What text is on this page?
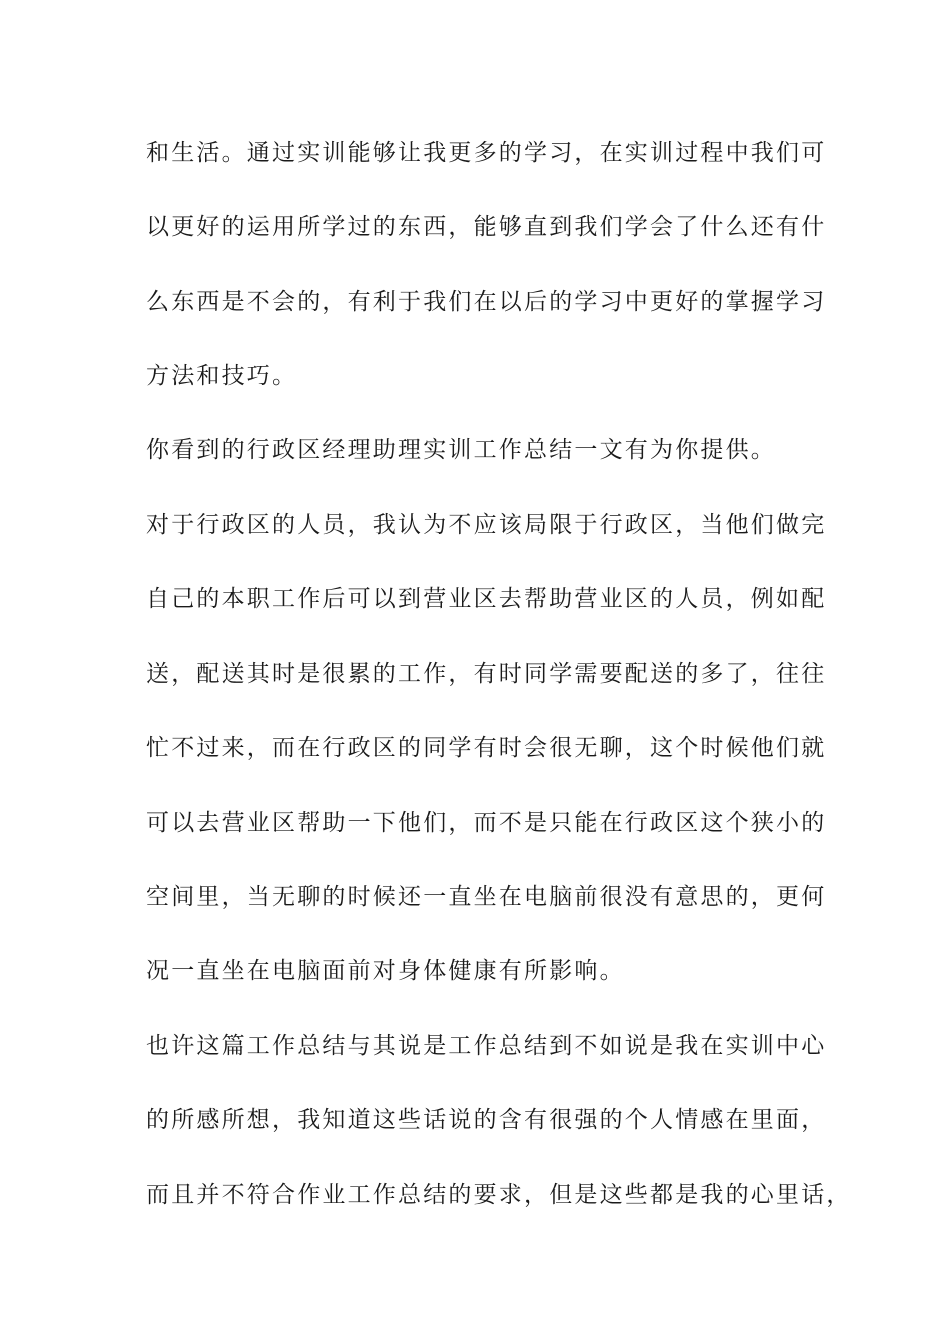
和生活。通过实训能够让我更多的学习，在实训过程中我们可
以更好的运用所学过的东西，能够直到我们学会了什么还有什
么东西是不会的，有利于我们在以后的学习中更好的掌握学习
方法和技巧。
你看到的行政区经理助理实训工作总结一文有为你提供。
对于行政区的人员，我认为不应该局限于行政区，当他们做完
自己的本职工作后可以到营业区去帮助营业区的人员，例如配
送，配送其时是很累的工作，有时同学需要配送的多了，往往
忙不过来，而在行政区的同学有时会很无聊，这个时候他们就
可以去营业区帮助一下他们，而不是只能在行政区这个狭小的
空间里，当无聊的时候还一直坐在电脑前很没有意思的，更何
况一直坐在电脑面前对身体健康有所影响。
也许这篇工作总结与其说是工作总结到不如说是我在实训中心
的所感所想，我知道这些话说的含有很强的个人情感在里面，
而且并不符合作业工作总结的要求，但是这些都是我的心里话，
